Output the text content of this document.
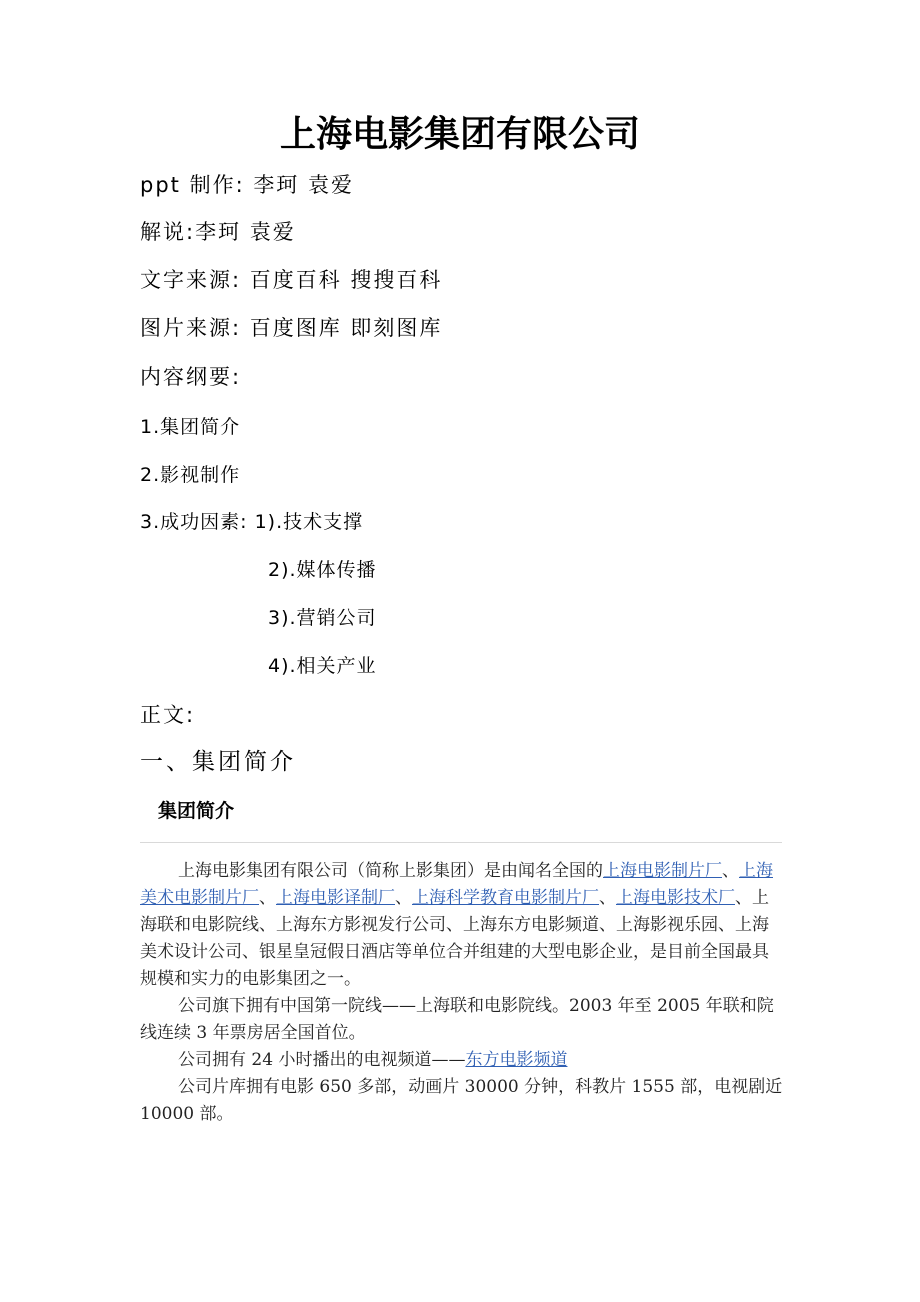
上海电影集团有限公司
ppt 制作: 李珂 袁爱
解说:李珂 袁爱
文字来源: 百度百科 搜搜百科
图片来源: 百度图库 即刻图库
内容纲要:
1.集团简介
2.影视制作
3.成功因素: 1).技术支撑
2).媒体传播
3).营销公司
4).相关产业
正文:
一、集团简介
集团简介

上海电影集团有限公司（简称上影集团）是由闻名全国的上海电影制片厂、上海美术电影制片厂、上海电影译制厂、上海科学教育电影制片厂、上海电影技术厂、上海联和电影院线、上海东方影视发行公司、上海东方电影频道、上海影视乐园、上海美术设计公司、银星皇冠假日酒店等单位合并组建的大型电影企业，是目前全国最具规模和实力的电影集团之一。

公司旗下拥有中国第一院线——上海联和电影院线。2003 年至 2005 年联和院线连续 3 年票房居全国首位。

公司拥有 24 小时播出的电视频道——东方电影频道

公司片库拥有电影 650 多部，动画片 30000 分钟，科教片 1555 部，电视剧近 10000 部。
